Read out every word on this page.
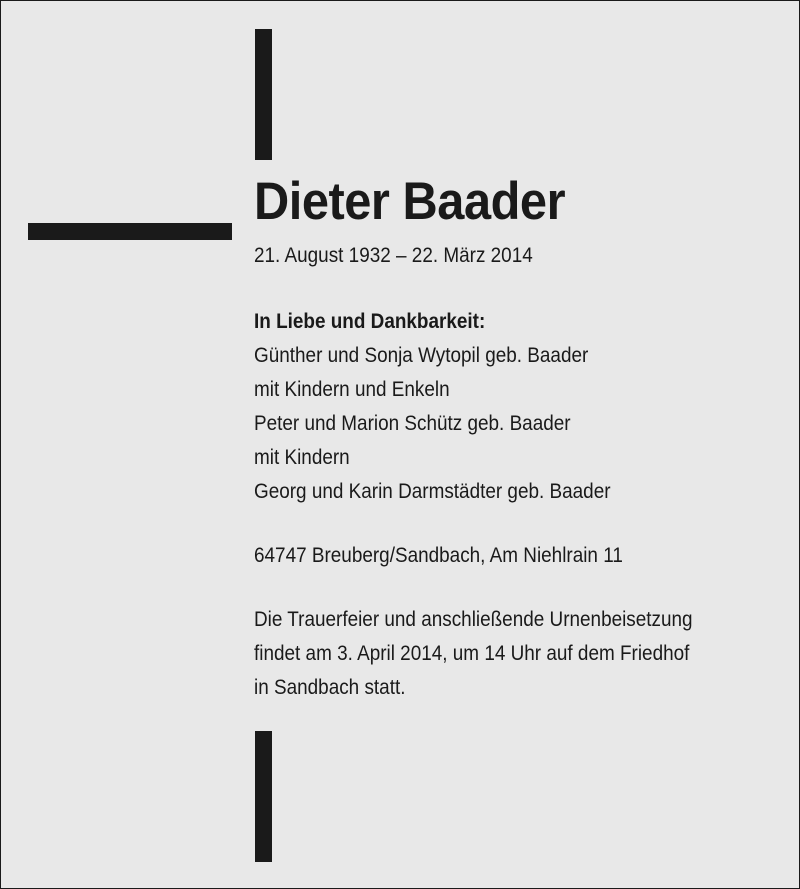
Dieter Baader
21. August 1932 – 22. März 2014
In Liebe und Dankbarkeit:
Günther und Sonja Wytopil geb. Baader
mit Kindern und Enkeln
Peter und Marion Schütz geb. Baader
mit Kindern
Georg und Karin Darmstädter geb. Baader
64747 Breuberg/Sandbach, Am Niehlrain 11
Die Trauerfeier und anschließende Urnenbeisetzung
findet am 3. April 2014, um 14 Uhr auf dem Friedhof
in Sandbach statt.
